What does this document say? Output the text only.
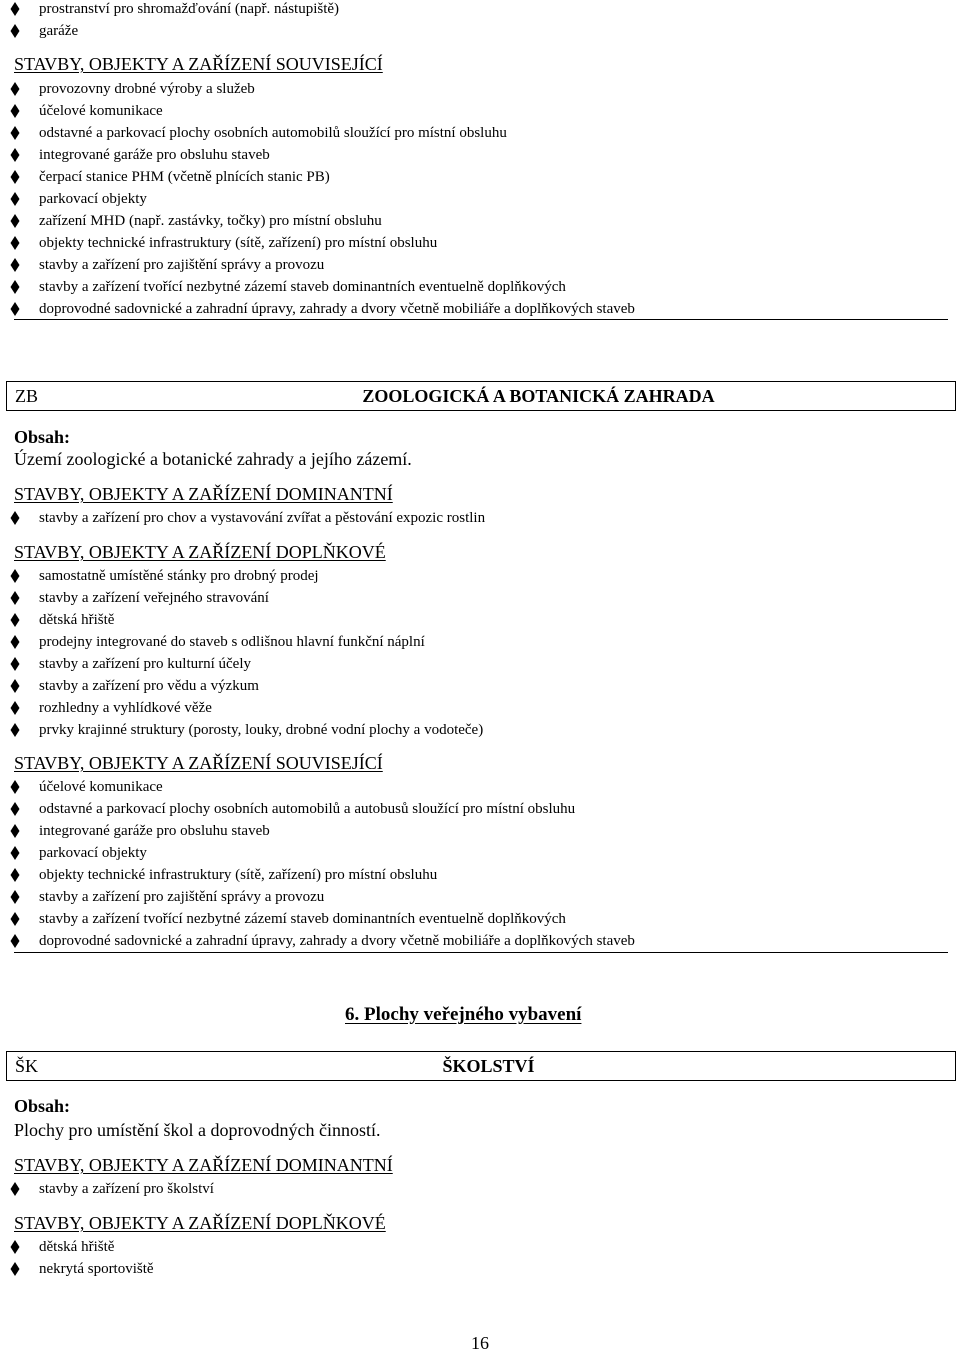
prostranství pro shromažďování (např. nástupiště)
garáže
STAVBY, OBJEKTY A ZAŘÍZENÍ SOUVISEJÍCÍ
provozovny drobné výroby a služeb
účelové komunikace
odstavné a parkovací plochy osobních automobilů sloužící pro místní obsluhu
integrované garáže pro obsluhu staveb
čerpací stanice PHM (včetně plnících stanic PB)
parkovací objekty
zařízení MHD (např. zastávky, točky) pro místní obsluhu
objekty technické infrastruktury (sítě, zařízení) pro místní obsluhu
stavby a zařízení pro zajištění správy a provozu
stavby a zařízení tvořící nezbytné zázemí staveb dominantních eventuelně doplňkových
doprovodné sadovnické a zahradní úpravy, zahrady a dvory včetně mobiliáře a doplňkových staveb
ZB	ZOOLOGICKÁ A BOTANICKÁ ZAHRADA
Obsah:
Území zoologické a botanické zahrady a jejího zázemí.
STAVBY, OBJEKTY A ZAŘÍZENÍ DOMINANTNÍ
stavby a zařízení pro chov a vystavování zvířat a pěstování expozic rostlin
STAVBY, OBJEKTY A ZAŘÍZENÍ DOPLŇKOVÉ
samostatně umístěné stánky pro drobný prodej
stavby a zařízení veřejného stravování
dětská hřiště
prodejny integrované do staveb s odlišnou hlavní funkční náplní
stavby a zařízení pro kulturní účely
stavby a zařízení pro vědu a výzkum
rozhledny a vyhlídkové věže
prvky krajinné struktury (porosty, louky, drobné vodní plochy a vodoteče)
STAVBY, OBJEKTY A ZAŘÍZENÍ SOUVISEJÍCÍ
účelové komunikace
odstavné a parkovací plochy osobních automobilů a autobusů sloužící pro místní obsluhu
integrované garáže pro obsluhu staveb
parkovací objekty
objekty technické infrastruktury (sítě, zařízení) pro místní obsluhu
stavby a zařízení pro zajištění správy a provozu
stavby a zařízení tvořící nezbytné zázemí staveb dominantních eventuelně doplňkových
doprovodné sadovnické a zahradní úpravy, zahrady a dvory včetně mobiliáře a doplňkových staveb
6. Plochy veřejného vybavení
ŠK	ŠKOLSTVÍ
Obsah:
Plochy pro umístění škol a doprovodných činností.
STAVBY, OBJEKTY A ZAŘÍZENÍ DOMINANTNÍ
stavby a zařízení pro školství
STAVBY, OBJEKTY A ZAŘÍZENÍ DOPLŇKOVÉ
dětská hřiště
nekrytá sportoviště
16
